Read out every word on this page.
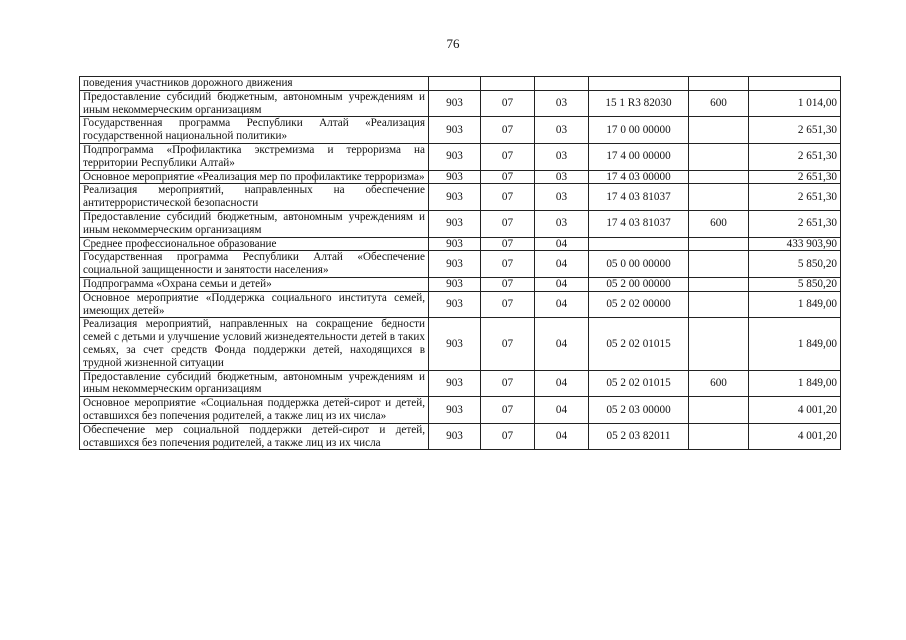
76
поведения участников дорожного движения						
Предоставление субсидий бюджетным, автономным учреждениям и иным некоммерческим организациям	903	07	03	15 1 R3 82030	600	1 014,00
Государственная программа Республики Алтай «Реализация государственной национальной политики»	903	07	03	17 0 00 00000		2 651,30
Подпрограмма «Профилактика экстремизма и терроризма на территории Республики Алтай»	903	07	03	17 4 00 00000		2 651,30
Основное мероприятие «Реализация мер по профилактике терроризма»	903	07	03	17 4 03 00000		2 651,30
Реализация мероприятий, направленных на обеспечение антитеррористической безопасности	903	07	03	17 4 03 81037		2 651,30
Предоставление субсидий бюджетным, автономным учреждениям и иным некоммерческим организациям	903	07	03	17 4 03 81037	600	2 651,30
Среднее профессиональное образование	903	07	04			433 903,90
Государственная программа Республики Алтай «Обеспечение социальной защищенности и занятости населения»	903	07	04	05 0 00 00000		5 850,20
Подпрограмма «Охрана семьи и детей»	903	07	04	05 2 00 00000		5 850,20
Основное мероприятие «Поддержка социального института семей, имеющих детей»	903	07	04	05 2 02 00000		1 849,00
Реализация мероприятий, направленных на сокращение бедности семей с детьми и улучшение условий жизнедеятельности детей в таких семьях, за счет средств Фонда поддержки детей, находящихся в трудной жизненной ситуации	903	07	04	05 2 02 01015		1 849,00
Предоставление субсидий бюджетным, автономным учреждениям и иным некоммерческим организациям	903	07	04	05 2 02 01015	600	1 849,00
Основное мероприятие «Социальная поддержка детей-сирот и детей, оставшихся без попечения родителей, а также лиц из их числа»	903	07	04	05 2 03 00000		4 001,20
Обеспечение мер социальной поддержки детей-сирот и детей, оставшихся без попечения родителей, а также лиц из их числа	903	07	04	05 2 03 82011		4 001,20
